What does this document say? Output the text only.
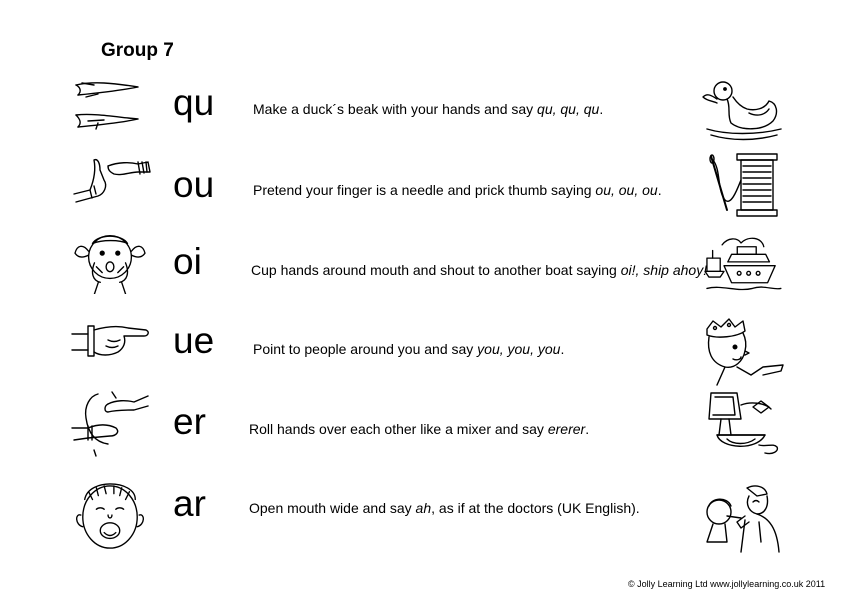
Group 7
qu	Make a duck´s beak with your hands and say qu, qu, qu.
ou	Pretend your finger is a needle and prick thumb saying ou, ou, ou.
oi	Cup hands around mouth and shout to another boat saying oi!, ship ahoy!
ue	Point to people around you and say you, you, you.
er	Roll hands over each other like a mixer and say ererer.
ar	Open mouth wide and say ah, as if at the doctors (UK English).
© Jolly Learning Ltd www.jollylearning.co.uk 2011
